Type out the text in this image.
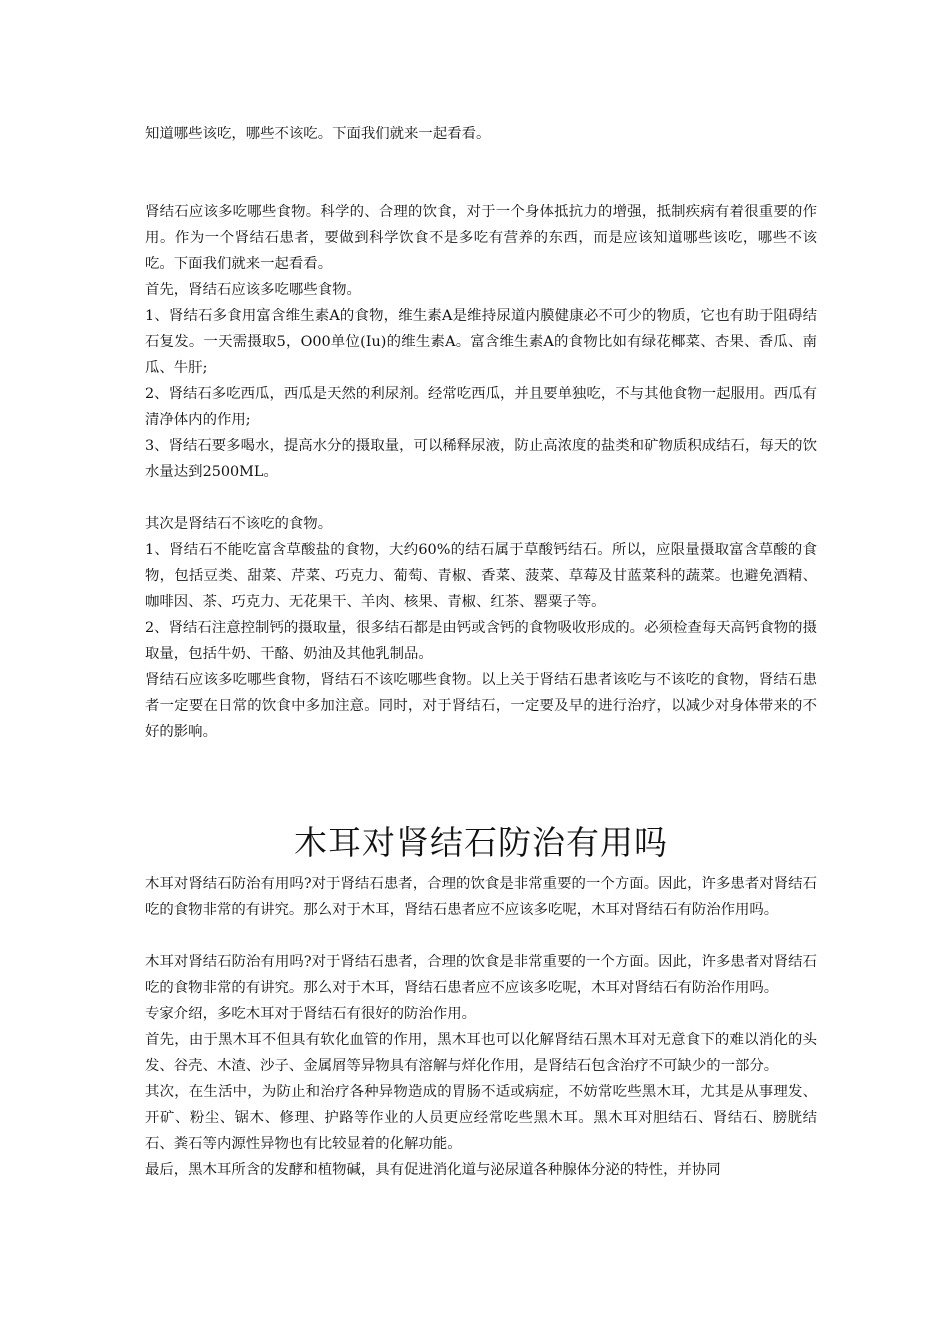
知道哪些该吃，哪些不该吃。下面我们就来一起看看。

肾结石应该多吃哪些食物。科学的、合理的饮食，对于一个身体抵抗力的增强，抵制疾病有着很重要的作用。作为一个肾结石患者，要做到科学饮食不是多吃有营养的东西，而是应该知道哪些该吃，哪些不该吃。下面我们就来一起看看。

首先，肾结石应该多吃哪些食物。

1、肾结石多食用富含维生素A的食物，维生素A是维持尿道内膜健康必不可少的物质，它也有助于阻碍结石复发。一天需摄取5，O00单位(Iu)的维生素A。富含维生素A的食物比如有绿花椰菜、杏果、香瓜、南瓜、牛肝;

2、肾结石多吃西瓜，西瓜是天然的利尿剂。经常吃西瓜，并且要单独吃，不与其他食物一起服用。西瓜有清净体内的作用;

3、肾结石要多喝水，提高水分的摄取量，可以稀释尿液，防止高浓度的盐类和矿物质积成结石，每天的饮水量达到2500ML。

其次是肾结石不该吃的食物。

1、肾结石不能吃富含草酸盐的食物，大约60%的结石属于草酸钙结石。所以，应限量摄取富含草酸的食物，包括豆类、甜菜、芹菜、巧克力、葡萄、青椒、香菜、菠菜、草莓及甘蓝菜科的蔬菜。也避免酒精、咖啡因、茶、巧克力、无花果干、羊肉、核果、青椒、红茶、罂粟子等。

2、肾结石注意控制钙的摄取量，很多结石都是由钙或含钙的食物吸收形成的。必须检查每天高钙食物的摄取量，包括牛奶、干酪、奶油及其他乳制品。

肾结石应该多吃哪些食物，肾结石不该吃哪些食物。以上关于肾结石患者该吃与不该吃的食物，肾结石患者一定要在日常的饮食中多加注意。同时，对于肾结石，一定要及早的进行治疗，以减少对身体带来的不好的影响。

木耳对肾结石防治有用吗

木耳对肾结石防治有用吗?对于肾结石患者，合理的饮食是非常重要的一个方面。因此，许多患者对肾结石吃的食物非常的有讲究。那么对于木耳，肾结石患者应不应该多吃呢，木耳对肾结石有防治作用吗。

木耳对肾结石防治有用吗?对于肾结石患者，合理的饮食是非常重要的一个方面。因此，许多患者对肾结石吃的食物非常的有讲究。那么对于木耳，肾结石患者应不应该多吃呢，木耳对肾结石有防治作用吗。

专家介绍，多吃木耳对于肾结石有很好的防治作用。

首先，由于黑木耳不但具有软化血管的作用，黑木耳也可以化解肾结石黑木耳对无意食下的难以消化的头发、谷壳、木渣、沙子、金属屑等异物具有溶解与烊化作用，是肾结石包含治疗不可缺少的一部分。

其次，在生活中，为防止和治疗各种异物造成的胃肠不适或病症，不妨常吃些黑木耳，尤其是从事理发、开矿、粉尘、锯木、修理、护路等作业的人员更应经常吃些黑木耳。黑木耳对胆结石、肾结石、膀胱结石、粪石等内源性异物也有比较显着的化解功能。

最后，黑木耳所含的发酵和植物碱，具有促进消化道与泌尿道各种腺体分泌的特性，并协同
